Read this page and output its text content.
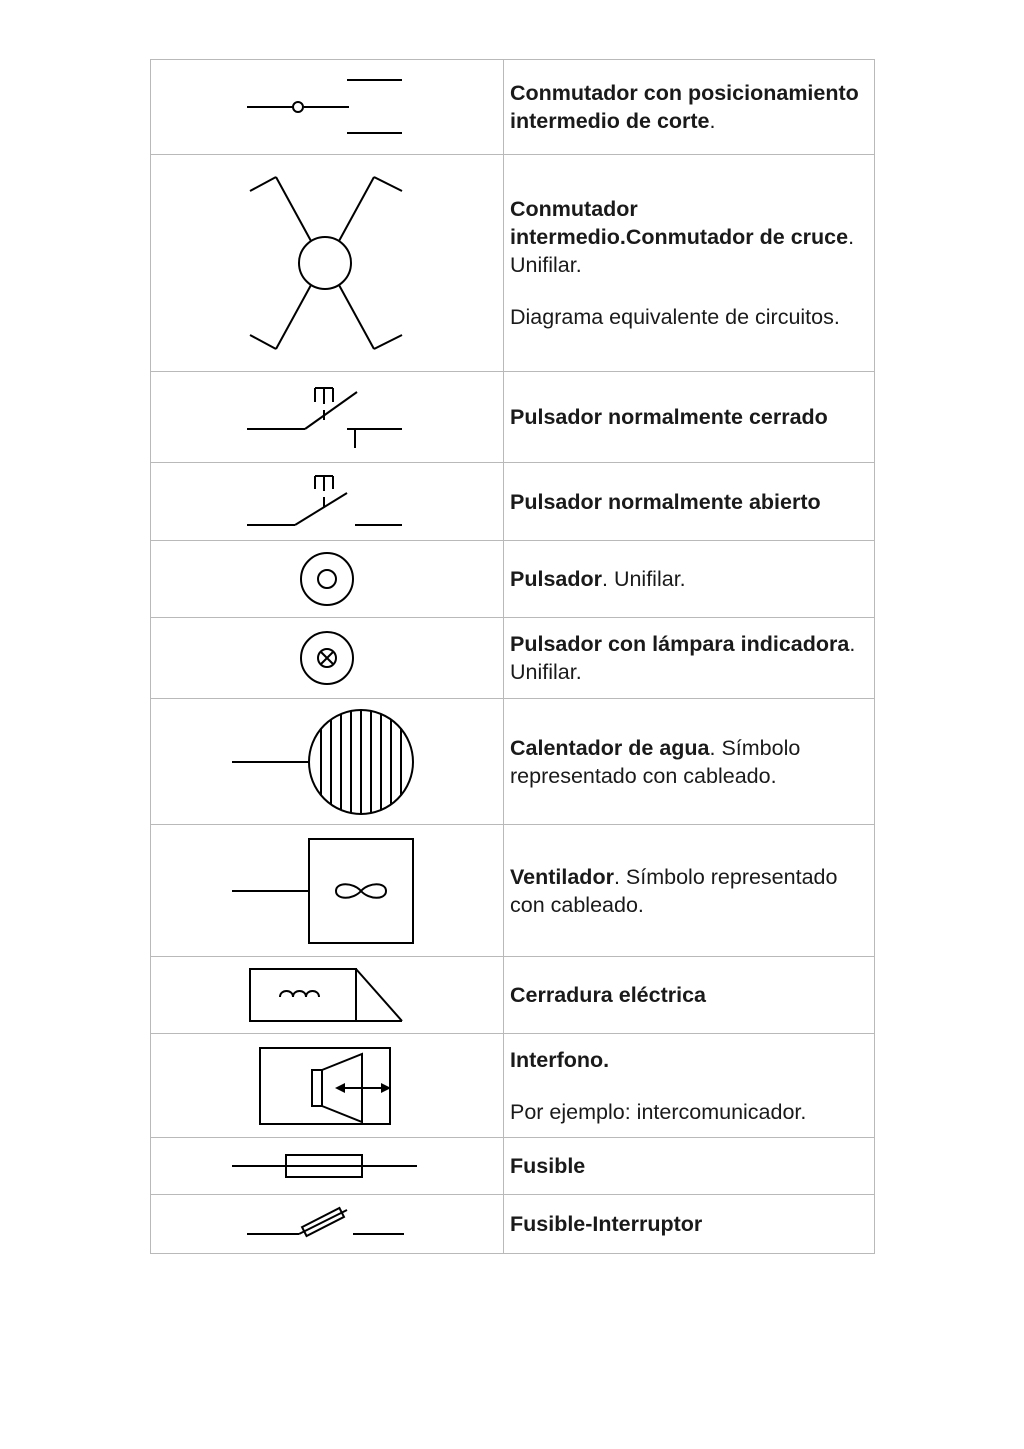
Conmutador con posicionamiento intermedio de corte.

Conmutador intermedio.Conmutador de cruce. Unifilar.

Diagrama equivalente de circuitos.

Pulsador normalmente cerrado

Pulsador normalmente abierto

Pulsador. Unifilar.

Pulsador con lámpara indicadora. Unifilar.

Calentador de agua. Símbolo representado con cableado.

Ventilador. Símbolo representado con cableado.

Cerradura eléctrica

Interfono.

Por ejemplo: intercomunicador.

Fusible

Fusible-Interruptor
